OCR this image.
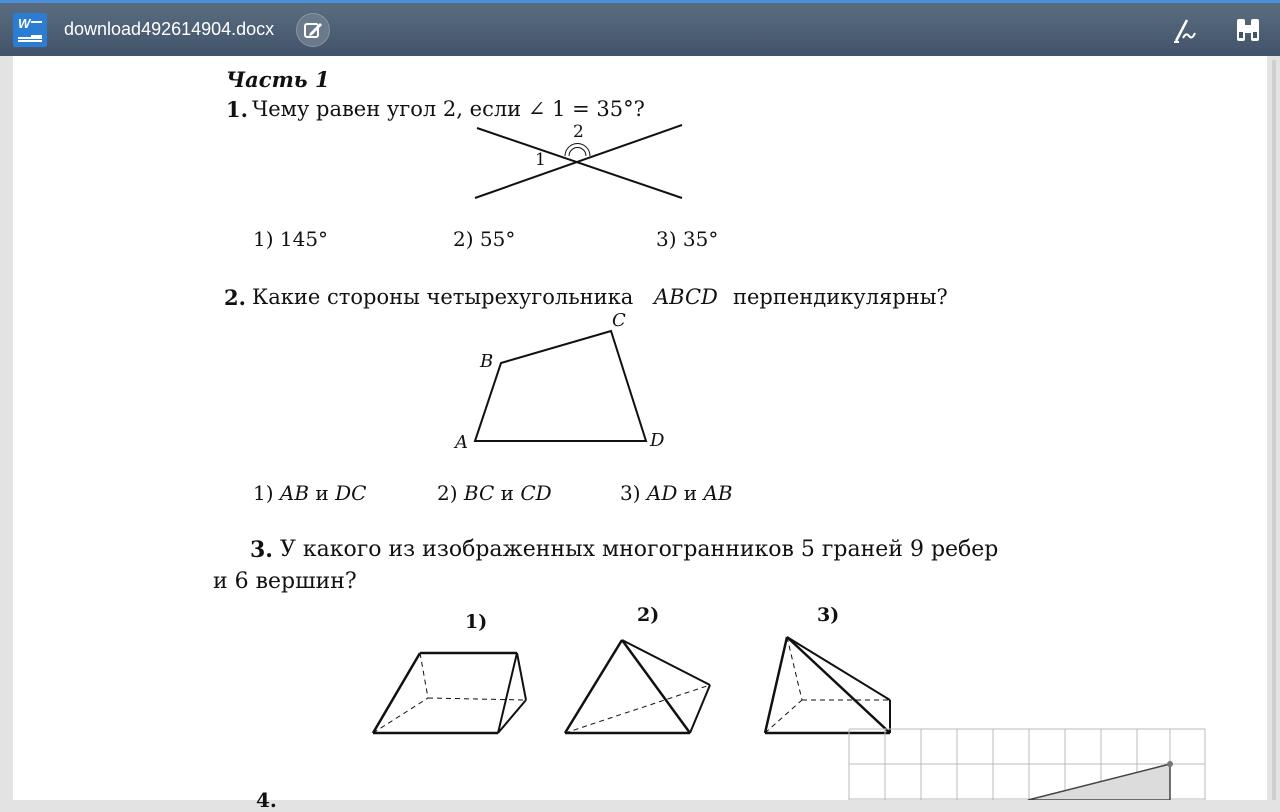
W download492614904.docx
Часть 1
1. Чему равен угол 2, если ∠ 1 = 35°?
1
2
1) 145°	2) 55°	3) 35°
2. Какие стороны четырехугольника ABCD перпендикулярны?
A
B
C
D
1) AB и DC	2) BC и CD	3) AD и AB
3. У какого из изображенных многогранников 5 граней 9 ребер
и 6 вершин?
1)	2)	3)
4.
